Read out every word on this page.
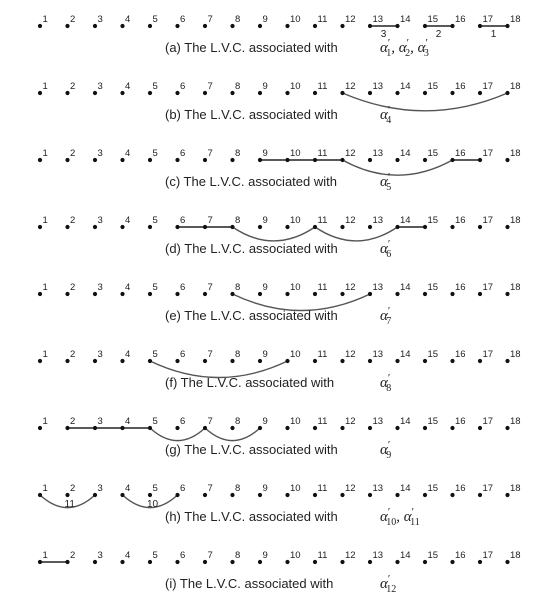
1 2 3 4 5 6 7 8 9 10 11 12 13 14 15 16 17 18
3	2	1
(a) The L.V.C. associated with	α′ 1, α′ 2, α′ 3
1 2 3 4 5 6 7 8 9 10 11 12 13 14 15 16 17 18
(b) The L.V.C. associated with	α′ 4
1 2 3 4 5 6 7 8 9 10 11 12 13 14 15 16 17 18
(c) The L.V.C. associated with	α′ 5
1 2 3 4 5 6 7 8 9 10 11 12 13 14 15 16 17 18
(d) The L.V.C. associated with	α′ 6
1 2 3 4 5 6 7 8 9 10 11 12 13 14 15 16 17 18
(e) The L.V.C. associated with	α′ 7
1 2 3 4 5 6 7 8 9 10 11 12 13 14 15 16 17 18
(f) The L.V.C. associated with	α′ 8
1 2 3 4 5 6 7 8 9 10 11 12 13 14 15 16 17 18
(g) The L.V.C. associated with	α′ 9
1 2 3 4 5 6 7 8 9 10 11 12 13 14 15 16 17 18
11	10
(h) The L.V.C. associated with	α′ 10, α′ 11
1 2 3 4 5 6 7 8 9 10 11 12 13 14 15 16 17 18
(i) The L.V.C. associated with	α′ 12
